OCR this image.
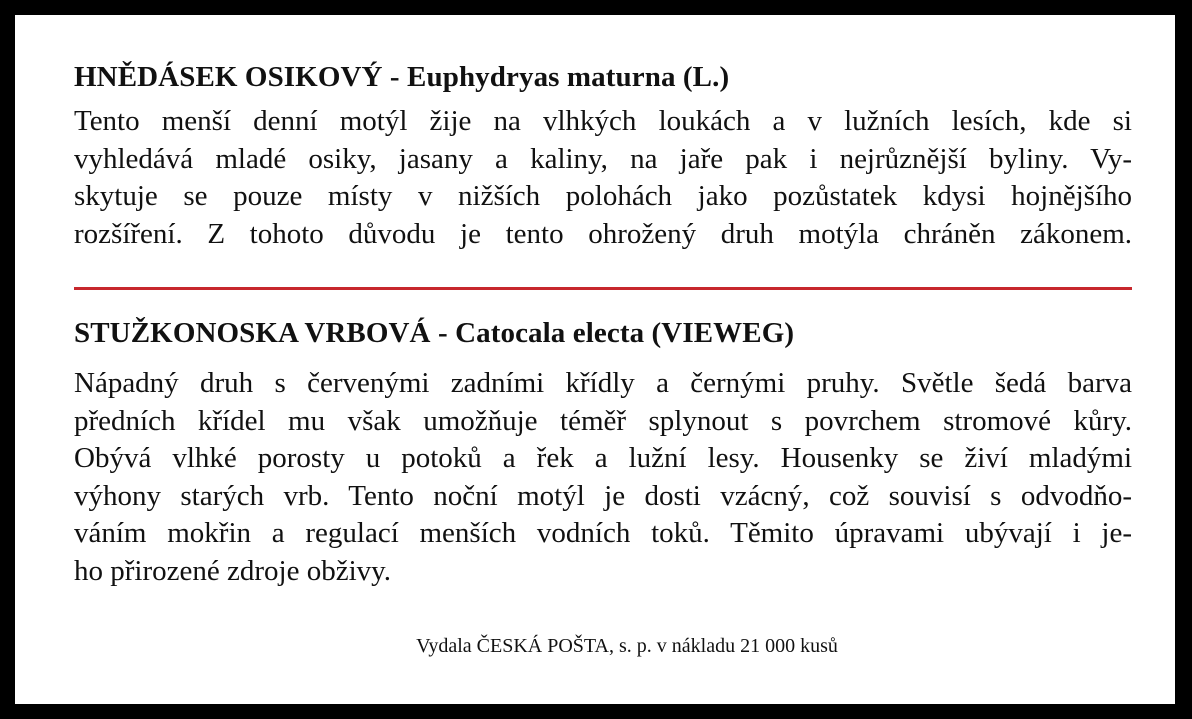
HNĚDÁSEK OSIKOVÝ - Euphydryas maturna (L.)
Tento menší denní motýl žije na vlhkých loukách a v lužních lesích, kde si
vyhledává mladé osiky, jasany a kaliny, na jaře pak i nejrůznější byliny. Vy-
skytuje se pouze místy v nižších polohách jako pozůstatek kdysi hojnějšího
rozšíření. Z tohoto důvodu je tento ohrožený druh motýla chráněn zákonem.
STUŽKONOSKA VRBOVÁ - Catocala electa (VIEWEG)
Nápadný druh s červenými zadními křídly a černými pruhy. Světle šedá barva
předních křídel mu však umožňuje téměř splynout s povrchem stromové kůry.
Obývá vlhké porosty u potoků a řek a lužní lesy. Housenky se živí mladými
výhony starých vrb. Tento noční motýl je dosti vzácný, což souvisí s odvodňo-
váním mokřin a regulací menších vodních toků. Těmito úpravami ubývají i je-
ho přirozené zdroje obživy.
Vydala ČESKÁ POŠTA, s. p. v nákladu 21 000 kusů
